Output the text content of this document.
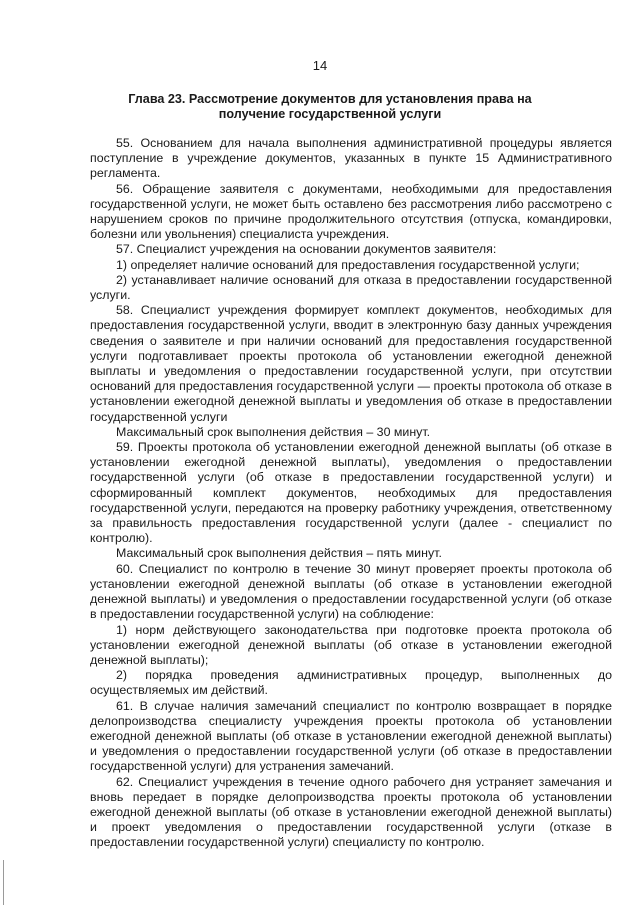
14
Глава 23. Рассмотрение документов для установления права на получение государственной услуги

55. Основанием для начала выполнения административной процедуры является поступление в учреждение документов, указанных в пункте 15 Административного регламента.

56. Обращение заявителя с документами, необходимыми для предоставления государственной услуги, не может быть оставлено без рассмотрения либо рассмотрено с нарушением сроков по причине продолжительного отсутствия (отпуска, командировки, болезни или увольнения) специалиста учреждения.

57. Специалист учреждения на основании документов заявителя:

1) определяет наличие оснований для предоставления государственной услуги;

2) устанавливает наличие оснований для отказа в предоставлении государственной услуги.

58. Специалист учреждения формирует комплект документов, необходимых для предоставления государственной услуги, вводит в электронную базу данных учреждения сведения о заявителе и при наличии оснований для предоставления государственной услуги подготавливает проекты протокола об установлении ежегодной денежной выплаты и уведомления о предоставлении государственной услуги, при отсутствии оснований для предоставления государственной услуги — проекты протокола об отказе в установлении ежегодной денежной выплаты и уведомления об отказе в предоставлении государственной услуги

Максимальный срок выполнения действия – 30 минут.

59. Проекты протокола об установлении ежегодной денежной выплаты (об отказе в установлении ежегодной денежной выплаты), уведомления о предоставлении государственной услуги (об отказе в предоставлении государственной услуги) и сформированный комплект документов, необходимых для предоставления государственной услуги, передаются на проверку работнику учреждения, ответственному за правильность предоставления государственной услуги (далее - специалист по контролю).

Максимальный срок выполнения действия – пять минут.

60. Специалист по контролю в течение 30 минут проверяет проекты протокола об установлении ежегодной денежной выплаты (об отказе в установлении ежегодной денежной выплаты) и уведомления о предоставлении государственной услуги (об отказе в предоставлении государственной услуги) на соблюдение:

1) норм действующего законодательства при подготовке проекта протокола об установлении ежегодной денежной выплаты (об отказе в установлении ежегодной денежной выплаты);

2) порядка проведения административных процедур, выполненных до осуществляемых им действий.

61. В случае наличия замечаний специалист по контролю возвращает в порядке делопроизводства специалисту учреждения проекты протокола об установлении ежегодной денежной выплаты (об отказе в установлении ежегодной денежной выплаты) и уведомления о предоставлении государственной услуги (об отказе в предоставлении государственной услуги) для устранения замечаний.

62. Специалист учреждения в течение одного рабочего дня устраняет замечания и вновь передает в порядке делопроизводства проекты протокола об установлении ежегодной денежной выплаты (об отказе в установлении ежегодной денежной выплаты) и проект уведомления о предоставлении государственной услуги (отказе в предоставлении государственной услуги) специалисту по контролю.
